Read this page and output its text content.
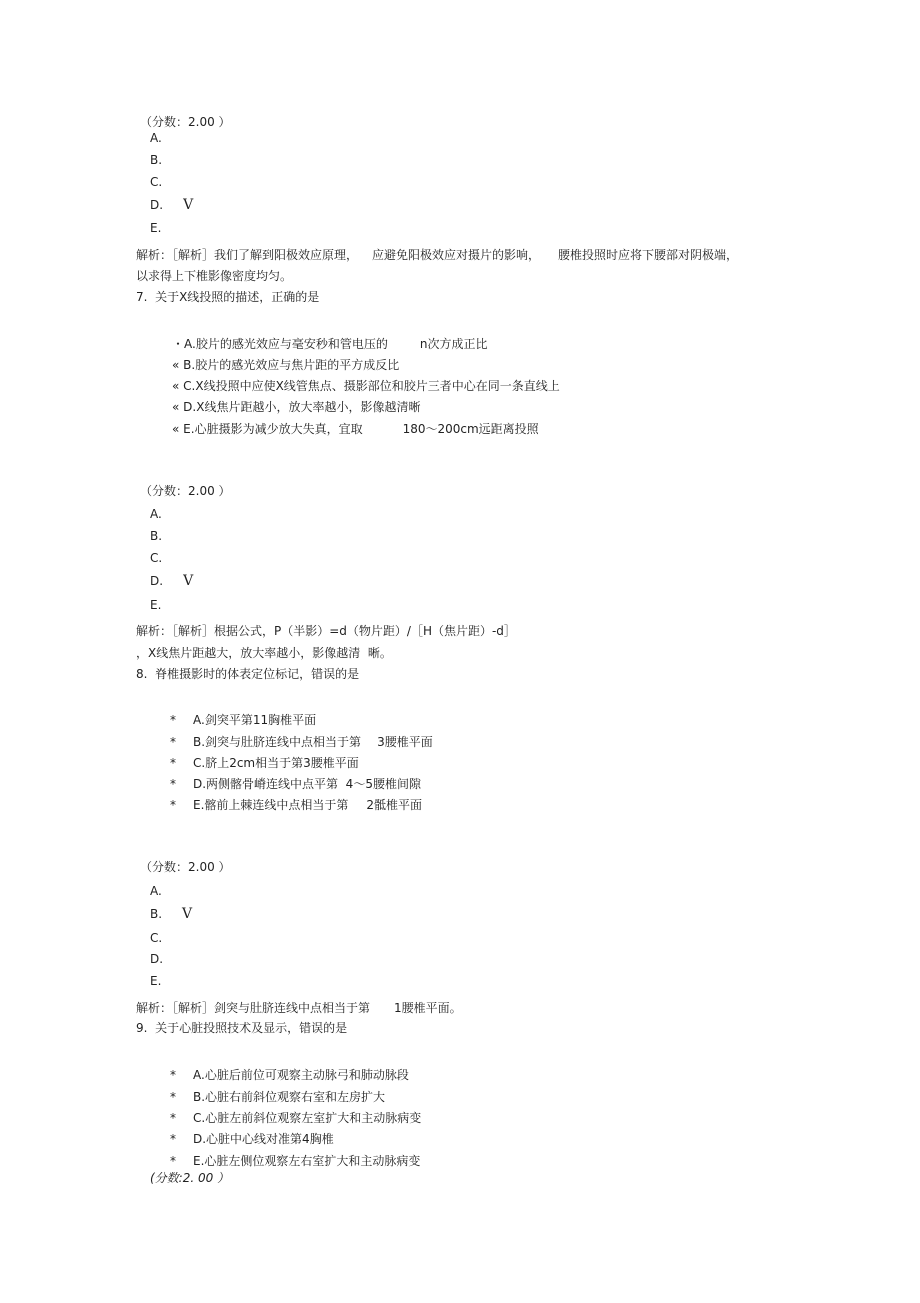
（分数：2.00 ）
A.
B.
C.
D. V
E.
解析：［解析］我们了解到阳极效应原理， 应避免阳极效应对摄片的影响， 腰椎投照时应将下腰部对阴极端，
以求得上下椎影像密度均匀。
7.  关于X线投照的描述，正确的是
・A.胶片的感光效应与毫安秒和管电压的	n次方成正比
« B.胶片的感光效应与焦片距的平方成反比
« C.X线投照中应使X线管焦点、摄影部位和胶片三者中心在同一条直线上
« D.X线焦片距越小，放大率越小，影像越清晰
« E.心脏摄影为减少放大失真，宜取	180～200cm远距离投照
（分数：2.00 ）
A.
B.
C.
D. V
E.
解析：［解析］根据公式，P（半影）=d（物片距）/［H（焦片距）-d］
，X线焦片距越大，放大率越小，影像越清  晰。
8.  脊椎摄影时的体表定位标记，错误的是
* A.剑突平第11胸椎平面
* B.剑突与肚脐连线中点相当于第 3腰椎平面
* C.脐上2cm相当于第3腰椎平面
* D.两侧髂骨嵴连线中点平第  4～5腰椎间隙
* E.髂前上棘连线中点相当于第 2骶椎平面
（分数：2.00 ）
A.
B. V
C.
D.
E.
解析：［解析］剑突与肚脐连线中点相当于第 1腰椎平面。
9.  关于心脏投照技术及显示，错误的是
* A.心脏后前位可观察主动脉弓和肺动脉段
* B.心脏右前斜位观察右室和左房扩大
* C.心脏左前斜位观察左室扩大和主动脉病变
* D.心脏中心线对准第4胸椎
* E.心脏左侧位观察左右室扩大和主动脉病变
(分数:2. 00 ）
